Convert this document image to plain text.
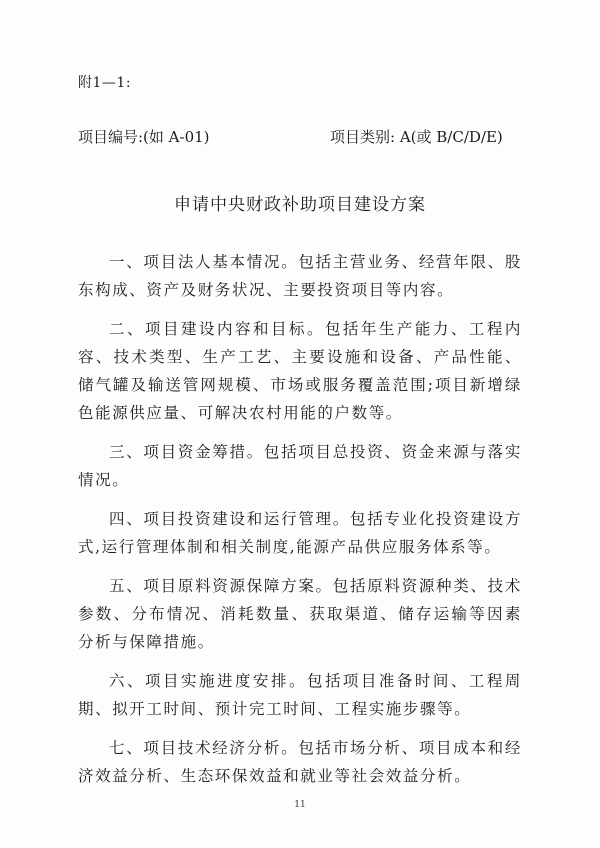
附1—1:
项目编号:(如 A-01)	项目类别: A(或 B/C/D/E)
申请中央财政补助项目建设方案

一、项目法人基本情况。包括主营业务、经营年限、股东构成、资产及财务状况、主要投资项目等内容。

二、项目建设内容和目标。包括年生产能力、工程内容、技术类型、生产工艺、主要设施和设备、产品性能、储气罐及输送管网规模、市场或服务覆盖范围;项目新增绿色能源供应量、可解决农村用能的户数等。

三、项目资金筹措。包括项目总投资、资金来源与落实情况。

四、项目投资建设和运行管理。包括专业化投资建设方式,运行管理体制和相关制度,能源产品供应服务体系等。

五、项目原料资源保障方案。包括原料资源种类、技术参数、分布情况、消耗数量、获取渠道、储存运输等因素分析与保障措施。

六、项目实施进度安排。包括项目准备时间、工程周期、拟开工时间、预计完工时间、工程实施步骤等。

七、项目技术经济分析。包括市场分析、项目成本和经济效益分析、生态环保效益和就业等社会效益分析。

11
